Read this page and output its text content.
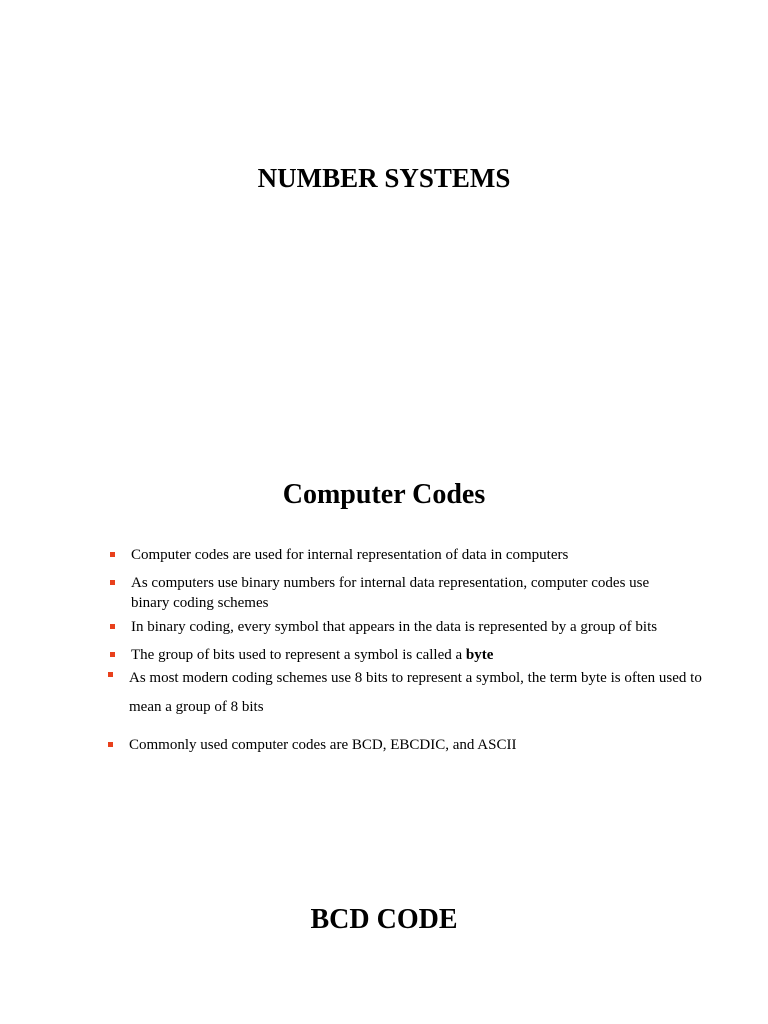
NUMBER SYSTEMS
Computer Codes
Computer codes are used for internal representation of data in computers
As computers use binary numbers for internal data representation, computer codes use binary coding schemes
In binary coding, every symbol that appears in the data is represented by a group of bits
The group of bits used to represent a symbol is called a byte
As most modern coding schemes use 8 bits to represent a symbol, the term byte is often used to mean a group of 8 bits
Commonly used computer codes are BCD, EBCDIC, and ASCII
BCD CODE
